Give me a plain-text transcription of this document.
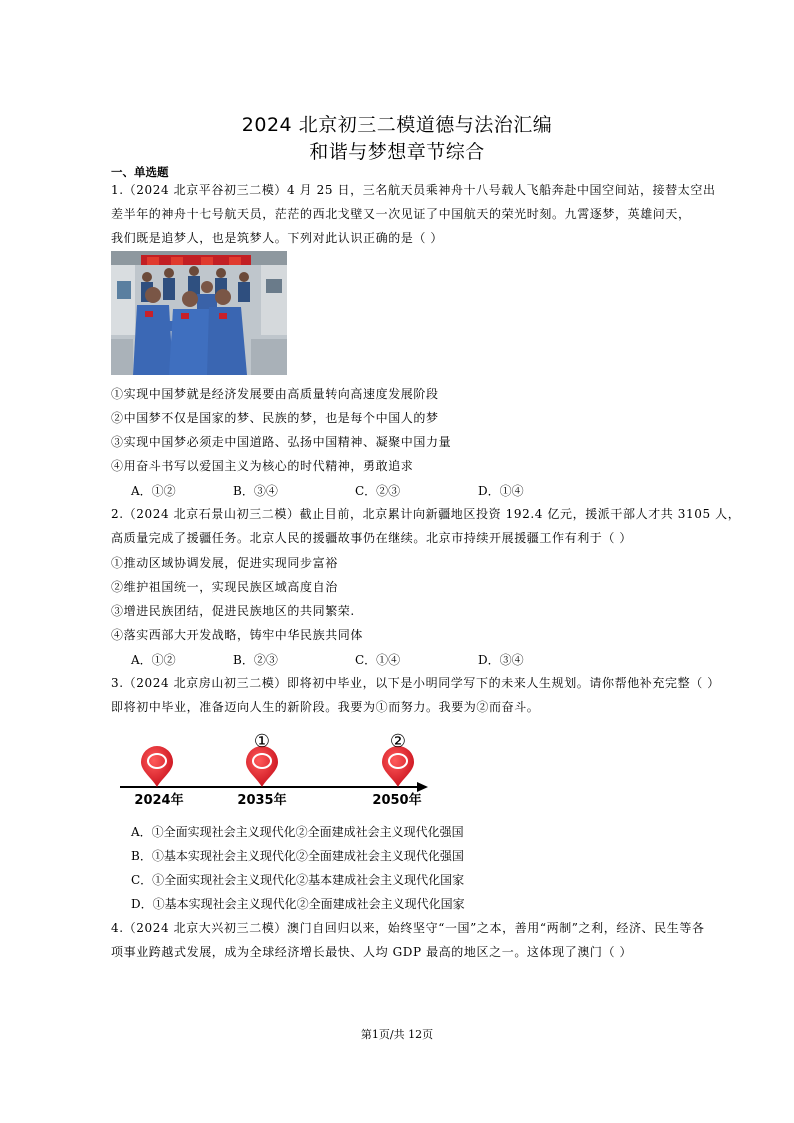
2024 北京初三二模道德与法治汇编
和谐与梦想章节综合
一、单选题
1.（2024 北京平谷初三二模）4 月 25 日，三名航天员乘神舟十八号载人飞船奔赴中国空间站，接替太空出
差半年的神舟十七号航天员，茫茫的西北戈壁又一次见证了中国航天的荣光时刻。九霄逐梦，英雄问天，
我们既是追梦人，也是筑梦人。下列对此认识正确的是（ ）
①实现中国梦就是经济发展要由高质量转向高速度发展阶段
②中国梦不仅是国家的梦、民族的梦，也是每个中国人的梦
③实现中国梦必须走中国道路、弘扬中国精神、凝聚中国力量
④用奋斗书写以爱国主义为核心的时代精神，勇敢追求
A．①②	B．③④	C．②③	D．①④
2.（2024 北京石景山初三二模）截止目前，北京累计向新疆地区投资 192.4 亿元，援派干部人才共 3105 人，
高质量完成了援疆任务。北京人民的援疆故事仍在继续。北京市持续开展援疆工作有利于（ ）
①推动区域协调发展，促进实现同步富裕
②维护祖国统一，实现民族区域高度自治
③增进民族团结，促进民族地区的共同繁荣.
④落实西部大开发战略，铸牢中华民族共同体
A．①②	B．②③	C．①④	D．③④
3.（2024 北京房山初三二模）即将初中毕业，以下是小明同学写下的未来人生规划。请你帮他补充完整（ ）
即将初中毕业，准备迈向人生的新阶段。我要为①而努力。我要为②而奋斗。
①	②
2024年	2035年	2050年
A．①全面实现社会主义现代化②全面建成社会主义现代化强国
B．①基本实现社会主义现代化②全面建成社会主义现代化强国
C．①全面实现社会主义现代化②基本建成社会主义现代化国家
D．①基本实现社会主义现代化②全面建成社会主义现代化国家
4.（2024 北京大兴初三二模）澳门自回归以来，始终坚守“一国”之本，善用“两制”之利，经济、民生等各
项事业跨越式发展，成为全球经济增长最快、人均 GDP 最高的地区之一。这体现了澳门（ ）
第1页/共 12页
